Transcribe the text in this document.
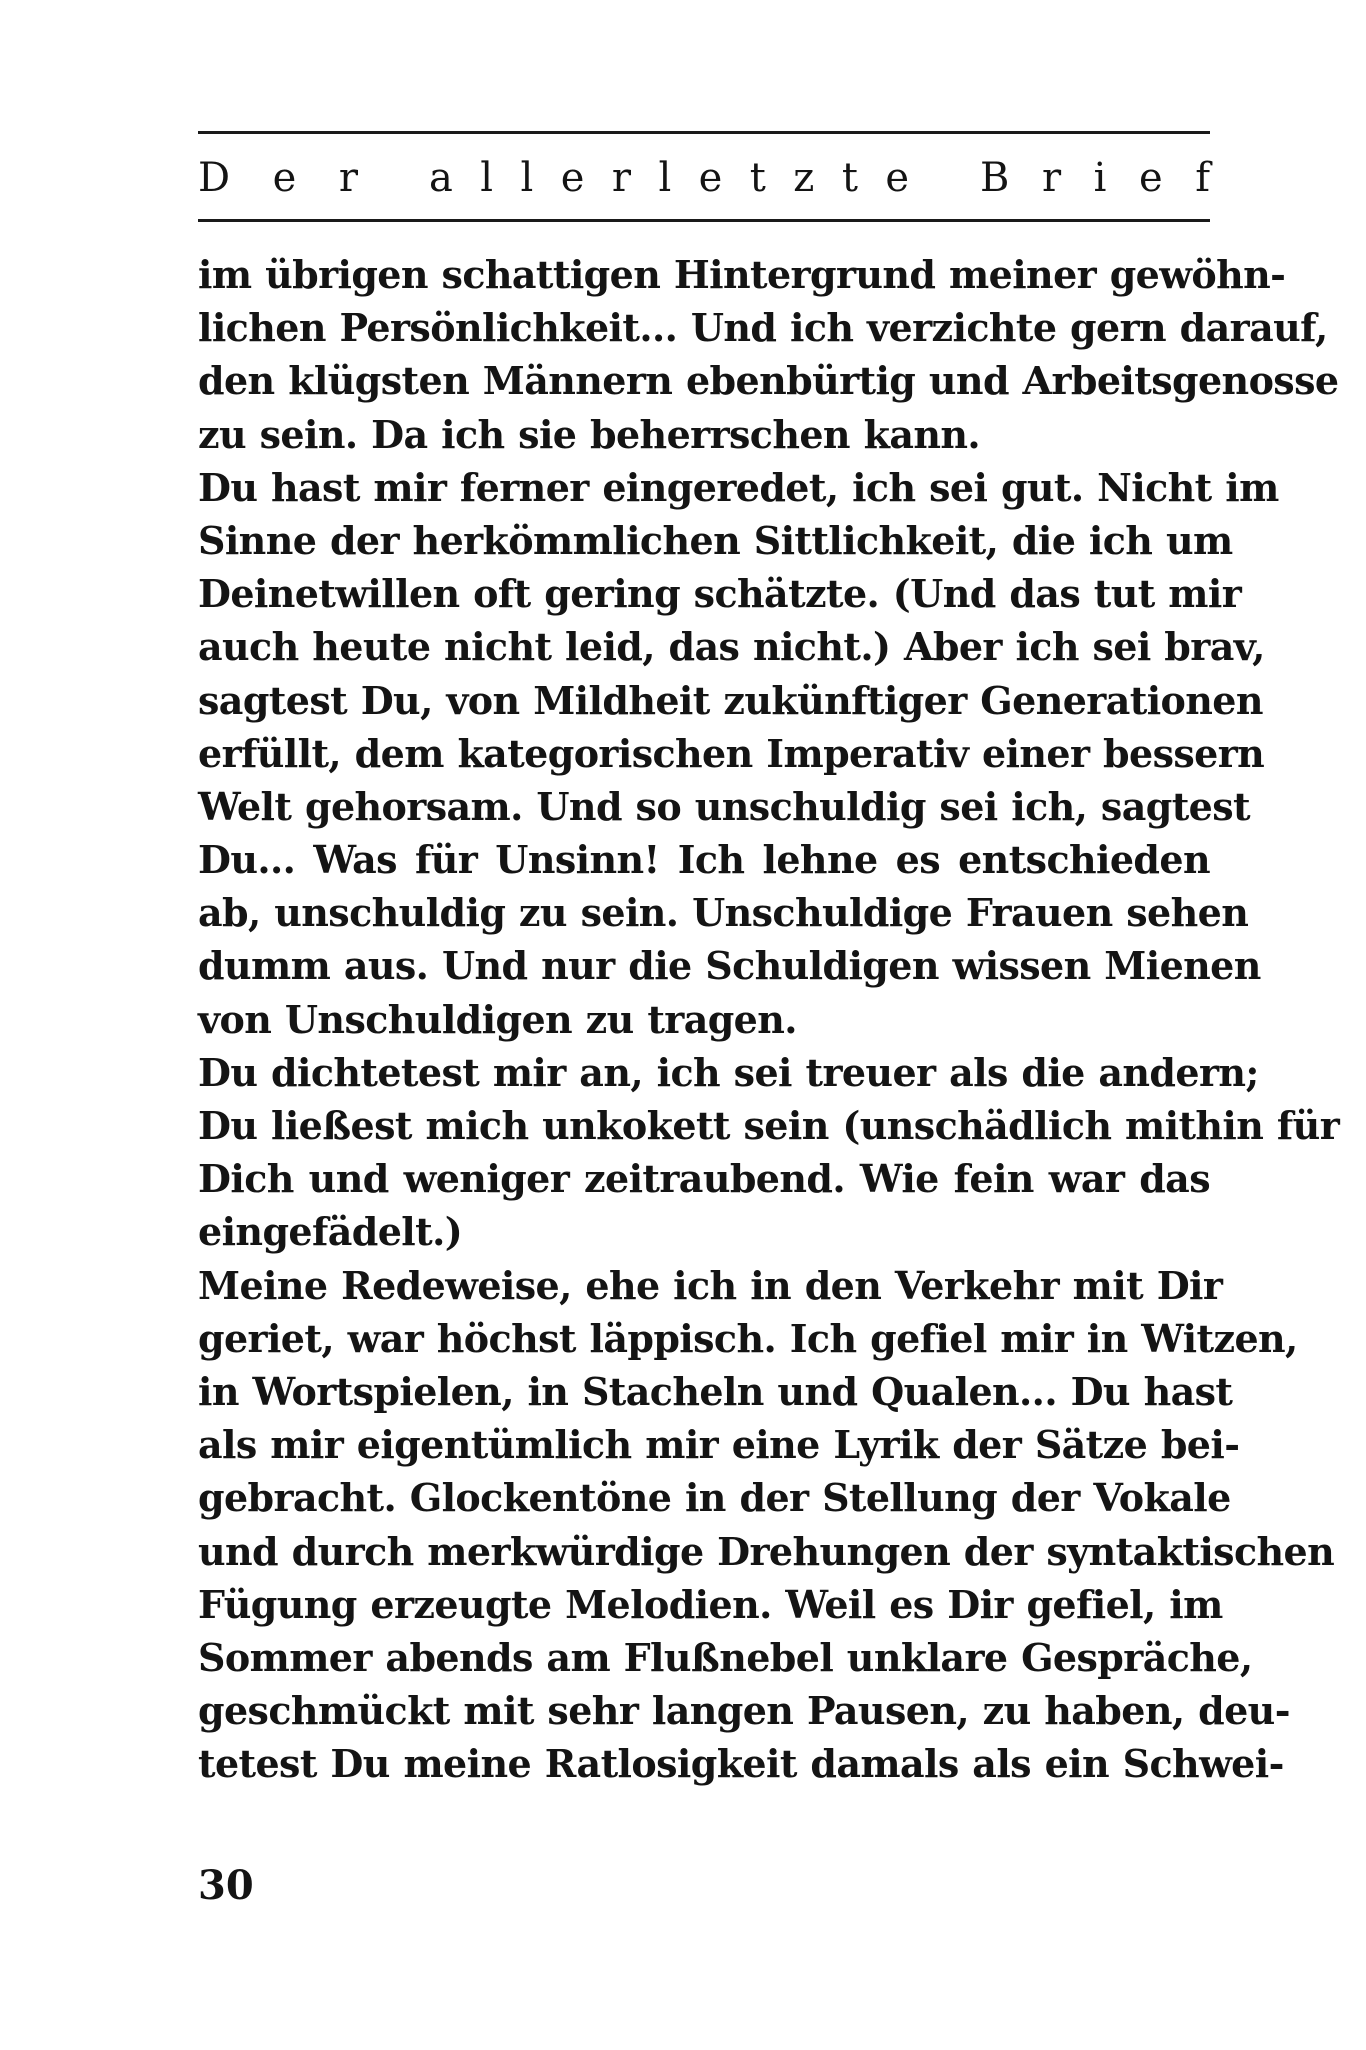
D e r a l l e r l e t z t e B r i e f
im übrigen schattigen Hintergrund meiner gewöhn-
lichen Persönlichkeit... Und ich verzichte gern darauf,
den klügsten Männern ebenbürtig und Arbeitsgenosse
zu sein. Da ich sie beherrschen kann.
Du hast mir ferner eingeredet, ich sei gut. Nicht im
Sinne der herkömmlichen Sittlichkeit, die ich um
Deinetwillen oft gering schätzte. (Und das tut mir
auch heute nicht leid, das nicht.) Aber ich sei brav,
sagtest Du, von Mildheit zukünftiger Generationen
erfüllt, dem kategorischen Imperativ einer bessern
Welt gehorsam. Und so unschuldig sei ich, sagtest
Du... Was für Unsinn! Ich lehne es entschieden
ab, unschuldig zu sein. Unschuldige Frauen sehen
dumm aus. Und nur die Schuldigen wissen Mienen
von Unschuldigen zu tragen.
Du dichtetest mir an, ich sei treuer als die andern;
Du ließest mich unkokett sein (unschädlich mithin für
Dich und weniger zeitraubend. Wie fein war das
eingefädelt.)
Meine Redeweise, ehe ich in den Verkehr mit Dir
geriet, war höchst läppisch. Ich gefiel mir in Witzen,
in Wortspielen, in Stacheln und Qualen... Du hast
als mir eigentümlich mir eine Lyrik der Sätze bei-
gebracht. Glockentöne in der Stellung der Vokale
und durch merkwürdige Drehungen der syntaktischen
Fügung erzeugte Melodien. Weil es Dir gefiel, im
Sommer abends am Flußnebel unklare Gespräche,
geschmückt mit sehr langen Pausen, zu haben, deu-
tetest Du meine Ratlosigkeit damals als ein Schwei-
30
